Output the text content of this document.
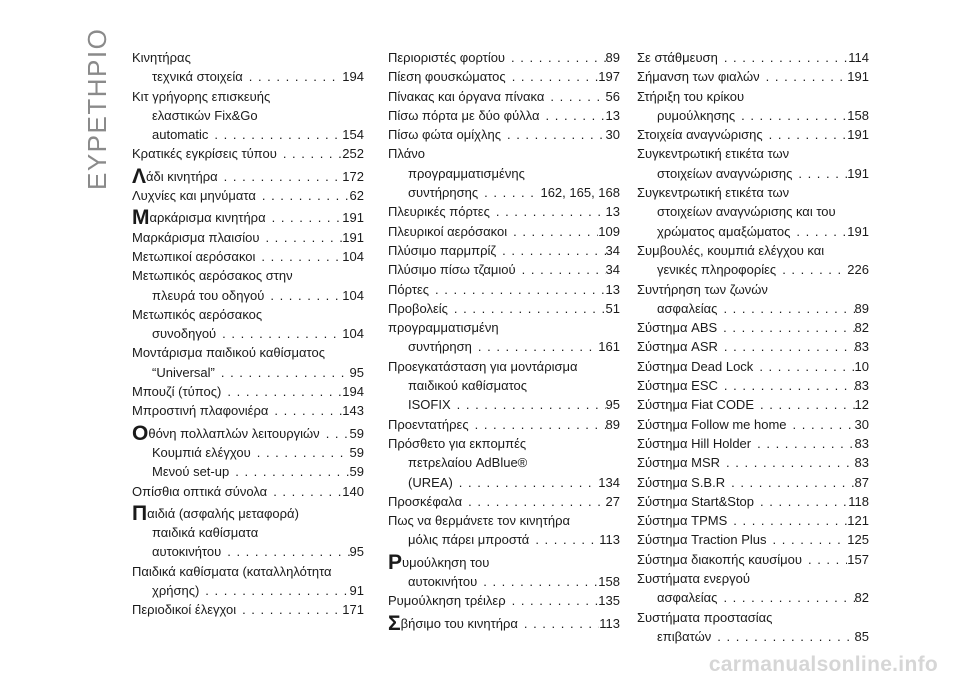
ΕΥΡΕΤΗΡΙΟ Κινητήρας
τεχνικά στοιχεία . . .	194
Κιτ γρήγορης επισκευής
ελαστικών Fix&Go
automatic . . .	154
Κρατικές εγκρίσεις τύπου . . .	252
Λ άδι κινητήρα . . .	172
Λυχνίες και μηνύματα . . .	62
Μ αρκάρισμα κινητήρα . . .	191
Μαρκάρισμα πλαισίου . . .	191
Μετωπικοί αερόσακοι . . .	104
Μετωπικός αερόσακος στην
πλευρά του οδηγού . . .	104
Μετωπικός αερόσακος
συνοδηγού . . .	104
Μοντάρισμα παιδικού καθίσματος
“Universal” . . .	95
Μπουζί (τύπος) . . .	194
Μπροστινή πλαφονιέρα . . .	143
Ο θόνη πολλαπλών λειτουργιών . . . 59
Κουμπιά ελέγχου . . .	59
Μενού set-up . . .	59
Οπίσθια οπτικά σύνολα . . .	140
Π αιδιά (ασφαλής μεταφορά)
παιδικά καθίσματα
αυτοκινήτου . . .	95
Παιδικά καθίσματα (καταλληλότητα
χρήσης) . . .	91
Περιοδικοί έλεγχοι . . .	171
Περιοριστές φορτίου . . .	89
Πίεση φουσκώματος . . .	197
Πίνακας και όργανα πίνακα . . .	56
Πίσω πόρτα με δύο φύλλα . . .	13
Πίσω φώτα ομίχλης . . .	30
Πλάνο
προγραμματισμένης
συντήρησης . . .	162, 165, 168
Πλευρικές πόρτες . . .	13
Πλευρικοί αερόσακοι . . .	109
Πλύσιμο παρμπρίζ . . .	34
Πλύσιμο πίσω τζαμιού . . .	34
Πόρτες . . .	13
Προβολείς . . .	51
προγραμματισμένη
συντήρηση . . .	161
Προεγκατάσταση για μοντάρισμα
παιδικού καθίσματος
ISOFIX . . .	95
Προεντατήρες . . .	89
Πρόσθετο για εκπομπές
πετρελαίου AdBlue®
(UREA) . . .	134
Προσκέφαλα . . .	27
Πως να θερμάνετε τον κινητήρα
μόλις πάρει μπροστά . . .	113
Ρ υμούλκηση του
αυτοκινήτου . . .	158
Ρυμούλκηση τρέιλερ . . .	135
Σ βήσιμο του κινητήρα . . .	113
Σε στάθμευση . . .	114
Σήμανση των φιαλών . . .	191
Στήριξη του κρίκου
ρυμούλκησης . . .	158
Στοιχεία αναγνώρισης . . .	191
Συγκεντρωτική ετικέτα των
στοιχείων αναγνώρισης . . .	191
Συγκεντρωτική ετικέτα των
στοιχείων αναγνώρισης και του
χρώματος αμαξώματος . . .	191
Συμβουλές, κουμπιά ελέγχου και
γενικές πληροφορίες . . .	226
Συντήρηση των ζωνών
ασφαλείας . . .	89
Σύστημα ABS . . .	82
Σύστημα ASR . . .	83
Σύστημα Dead Lock . . .	10
Σύστημα ESC . . .	83
Σύστημα Fiat CODE . . .	12
Σύστημα Follow me home . . .	30
Σύστημα Hill Holder . . .	83
Σύστημα MSR . . .	83
Σύστημα S.B.R . . .	87
Σύστημα Start&Stop . . .	118
Σύστημα TPMS . . .	121
Σύστημα Traction Plus . . .	125
Σύστημα διακοπής καυσίμου . . .	157
Συστήματα ενεργού
ασφαλείας . . .	82
Συστήματα προστασίας
επιβατών . . .	85
carmanualsonline.info
